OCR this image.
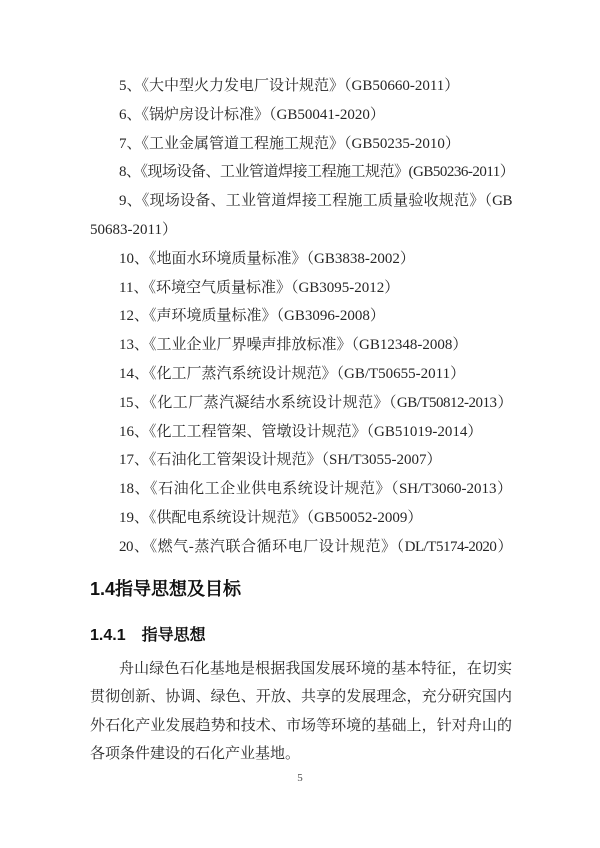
5、《大中型火力发电厂设计规范》（GB50660-2011）
6、《锅炉房设计标准》（GB50041-2020）
7、《工业金属管道工程施工规范》（GB50235-2010）
8、《现场设备、工业管道焊接工程施工规范》(GB50236-2011）
9、《现场设备、工业管道焊接工程施工质量验收规范》（GB
50683-2011）
10、《地面水环境质量标准》（GB3838-2002）
11、《环境空气质量标准》（GB3095-2012）
12、《声环境质量标准》（GB3096-2008）
13、《工业企业厂界噪声排放标准》（GB12348-2008）
14、《化工厂蒸汽系统设计规范》（GB/T50655-2011）
15、《化工厂蒸汽凝结水系统设计规范》（GB/T50812-2013）
16、《化工工程管架、管墩设计规范》（GB51019-2014）
17、《石油化工管架设计规范》（SH/T3055-2007）
18、《石油化工企业供电系统设计规范》（SH/T3060-2013）
19、《供配电系统设计规范》（GB50052-2009）
20、《燃气-蒸汽联合循环电厂设计规范》（DL/T5174-2020）
1.4指导思想及目标
1.4.1　指导思想
舟山绿色石化基地是根据我国发展环境的基本特征，在切实
贯彻创新、协调、绿色、开放、共享的发展理念，充分研究国内
外石化产业发展趋势和技术、市场等环境的基础上，针对舟山的
各项条件建设的石化产业基地。
5
